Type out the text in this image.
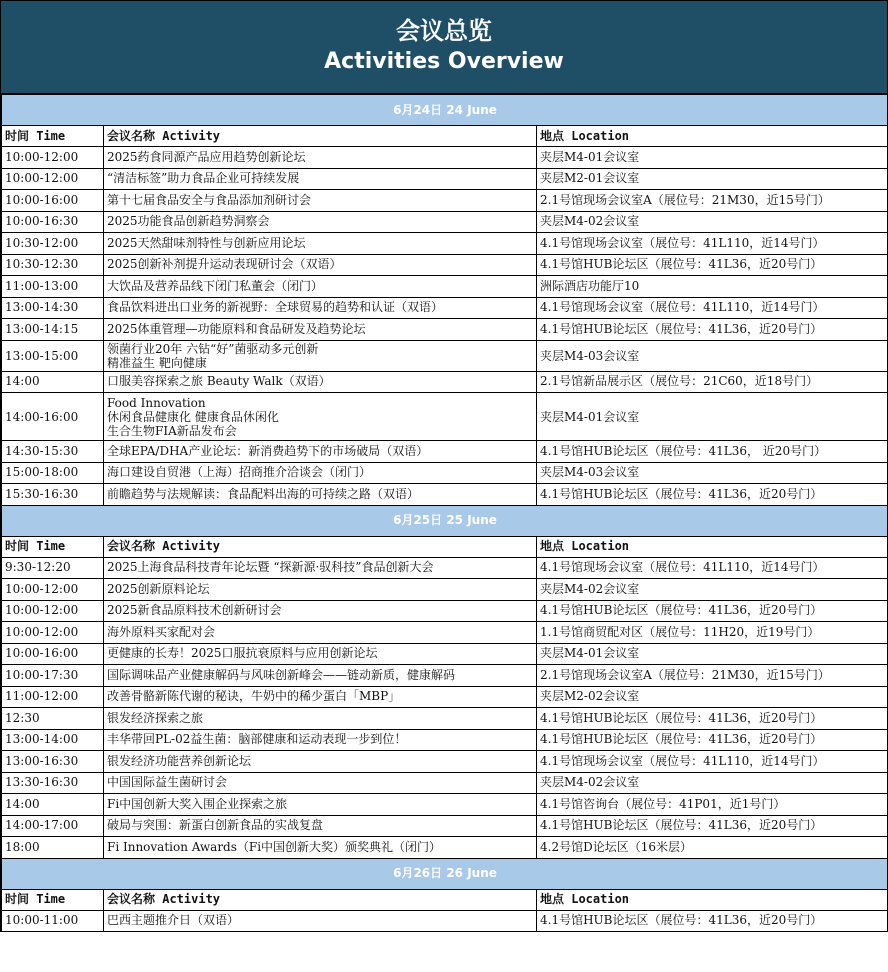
会议总览
Activities Overview
6月24日 24 June		
时间 Time	会议名称 Activity	地点 Location
10:00-12:00	2025药食同源产品应用趋势创新论坛	夹层M4-01会议室
10:00-12:00	“清洁标签”助力食品企业可持续发展	夹层M2-01会议室
10:00-16:00	第十七届食品安全与食品添加剂研讨会	2.1号馆现场会议室A（展位号：21M30，近15号门）
10:00-16:30	2025功能食品创新趋势洞察会	夹层M4-02会议室
10:30-12:00	2025天然甜味剂特性与创新应用论坛	4.1号馆现场会议室（展位号：41L110，近14号门）
10:30-12:30	2025创新补剂提升运动表现研讨会（双语）	4.1号馆HUB论坛区（展位号：41L36，近20号门）
11:00-13:00	大饮品及营养品线下闭门私董会（闭门）	洲际酒店功能厅10
13:00-14:30	食品饮料进出口业务的新视野：全球贸易的趋势和认证（双语）	4.1号馆现场会议室（展位号：41L110，近14号门）
13:00-14:15	2025体重管理—功能原料和食品研发及趋势论坛	4.1号馆HUB论坛区（展位号：41L36，近20号门）
13:00-15:00	领菌行业20年 六钻“好”菌驱动多元创新
精准益生 靶向健康	夹层M4-03会议室
14:00	口服美容探索之旅 Beauty Walk（双语）	2.1号馆新品展示区（展位号：21C60，近18号门）
14:00-16:00	Food Innovation
休闲食品健康化 健康食品休闲化
生合生物FIA新品发布会	夹层M4-01会议室
14:30-15:30	全球EPA/DHA产业论坛：新消费趋势下的市场破局（双语）	4.1号馆HUB论坛区（展位号：41L36， 近20号门）
15:00-18:00	海口建设自贸港（上海）招商推介洽谈会（闭门）	夹层M4-03会议室
15:30-16:30	前瞻趋势与法规解读：食品配料出海的可持续之路（双语）	4.1号馆HUB论坛区（展位号：41L36，近20号门）
6月25日 25 June		
时间 Time	会议名称 Activity	地点 Location
9:30-12:20	2025上海食品科技青年论坛暨 “探新源·驭科技”食品创新大会	4.1号馆现场会议室（展位号：41L110，近14号门）
10:00-12:00	2025创新原料论坛	夹层M4-02会议室
10:00-12:00	2025新食品原料技术创新研讨会	4.1号馆HUB论坛区（展位号：41L36，近20号门）
10:00-12:00	海外原料买家配对会	1.1号馆商贸配对区（展位号：11H20，近19号门）
10:00-16:00	更健康的长寿！2025口服抗衰原料与应用创新论坛	夹层M4-01会议室
10:00-17:30	国际调味品产业健康解码与风味创新峰会——链动新质，健康解码	2.1号馆现场会议室A（展位号：21M30，近15号门）
11:00-12:00	改善骨骼新陈代谢的秘诀，牛奶中的稀少蛋白「MBP」	夹层M2-02会议室
12:30	银发经济探索之旅	4.1号馆HUB论坛区（展位号：41L36，近20号门）
13:00-14:00	丰华带回PL-02益生菌：脑部健康和运动表现一步到位！	4.1号馆HUB论坛区（展位号：41L36，近20号门）
13:00-16:30	银发经济功能营养创新论坛	4.1号馆现场会议室（展位号：41L110，近14号门）
13:30-16:30	中国国际益生菌研讨会	夹层M4-02会议室
14:00	Fi中国创新大奖入围企业探索之旅	4.1号馆咨询台（展位号：41P01，近1号门）
14:00-17:00	破局与突围：新蛋白创新食品的实战复盘	4.1号馆HUB论坛区（展位号：41L36，近20号门）
18:00	Fi Innovation Awards（Fi中国创新大奖）颁奖典礼（闭门）	4.2号馆D论坛区（16米层）
6月26日 26 June		
时间 Time	会议名称 Activity	地点 Location
10:00-11:00	巴西主题推介日（双语）	4.1号馆HUB论坛区（展位号：41L36，近20号门）
